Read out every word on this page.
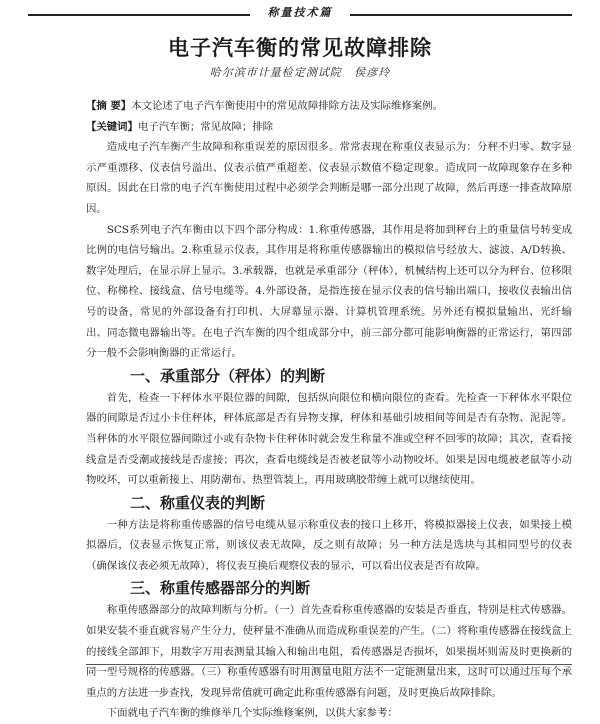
称量技术篇
电子汽车衡的常见故障排除
哈尔滨市计量检定测试院 侯彦玲

【摘 要】本文论述了电子汽车衡使用中的常见故障排除方法及实际维修案例。

【关键词】电子汽车衡；常见故障；排除

造成电子汽车衡产生故障和称重误差的原因很多。常常表现在称重仪表显示为：分秤不归零、数字显示严重漂移、仪表信号溢出、仪表示值严重超差、仪表显示数值不稳定现象。造成同一故障现象存在多种原因。因此在日常的电子汽车衡使用过程中必须学会判断是哪一部分出现了故障，然后再逐一排查故障原因。

SCS系列电子汽车衡由以下四个部分构成：1.称重传感器，其作用是将加到秤台上的重量信号转变成比例的电信号输出。2.称重显示仪表，其作用是将称重传感器输出的模拟信号经放大、滤波、A/D转换、数字处理后，在显示屏上显示。3.承载器，也就是承重部分（秤体），机械结构上还可以分为秤台、位移限位、称梯栓、接线盒、信号电缆等。4.外部设备，是指连接在显示仪表的信号输出端口，接收仪表输出信号的设备，常见的外部设备有打印机、大屏幕显示器、计算机管理系统。另外还有模拟量输出、光纤输出、同态微电器输出等。在电子汽车衡的四个组成部分中，前三部分都可能影响衡器的正常运行，第四部分一般不会影响衡器的正常运行。

一、承重部分（秤体）的判断

首先，检查一下秤体水平限位器的间隙，包括纵向限位和横向限位的查看。先检查一下秤体水平限位器的间隙是否过小卡住秤体，秤体底部是否有异物支撑，秤体和基础引坡相间等间是否有杂物、泥泥等。当秤体的水平限位器间隙过小或有杂物卡住秤体时就会发生称量不准或空秤不回零的故障；其次，查看接线盒是否受潮或接线是否虚接；再次，查看电缆线是否被老鼠等小动物咬坏。如果是因电缆被老鼠等小动物咬坏，可以重新接上、用防潮布、热塑管装上，再用玻璃胶带缠上就可以继续使用。

二、称重仪表的判断

一种方法是将称重传感器的信号电缆从显示称重仪表的接口上移开，将模拟器接上仪表，如果接上模拟器后，仪表显示恢复正常，则该仪表无故障，反之则有故障；另一种方法是选块与其相同型号的仪表（确保该仪表必须无故障），将仪表互换后观察仪表的显示，可以看出仪表是否有故障。

三、称重传感器部分的判断

称重传感器部分的故障判断与分析。（一）首先查看称重传感器的安装是否垂直，特别是柱式传感器。如果安装不垂直就容易产生分力，使秤量不准确从而造成称重误差的产生。（二）将称重传感器在接线盒上的接线全部卸下，用数字万用表测量其输入和输出电阻，看传感器是否损坏，如果损坏则需及时更换新的同一型号规格的传感器。（三）称重传感器有时用测量电阻方法不一定能测量出来，这时可以通过压每个承重点的方法进一步查找，发现异常值就可确定此称重传感器有问题，及时更换后故障排除。

下面就电子汽车衡的维修举几个实际维修案例，以供大家参考：
